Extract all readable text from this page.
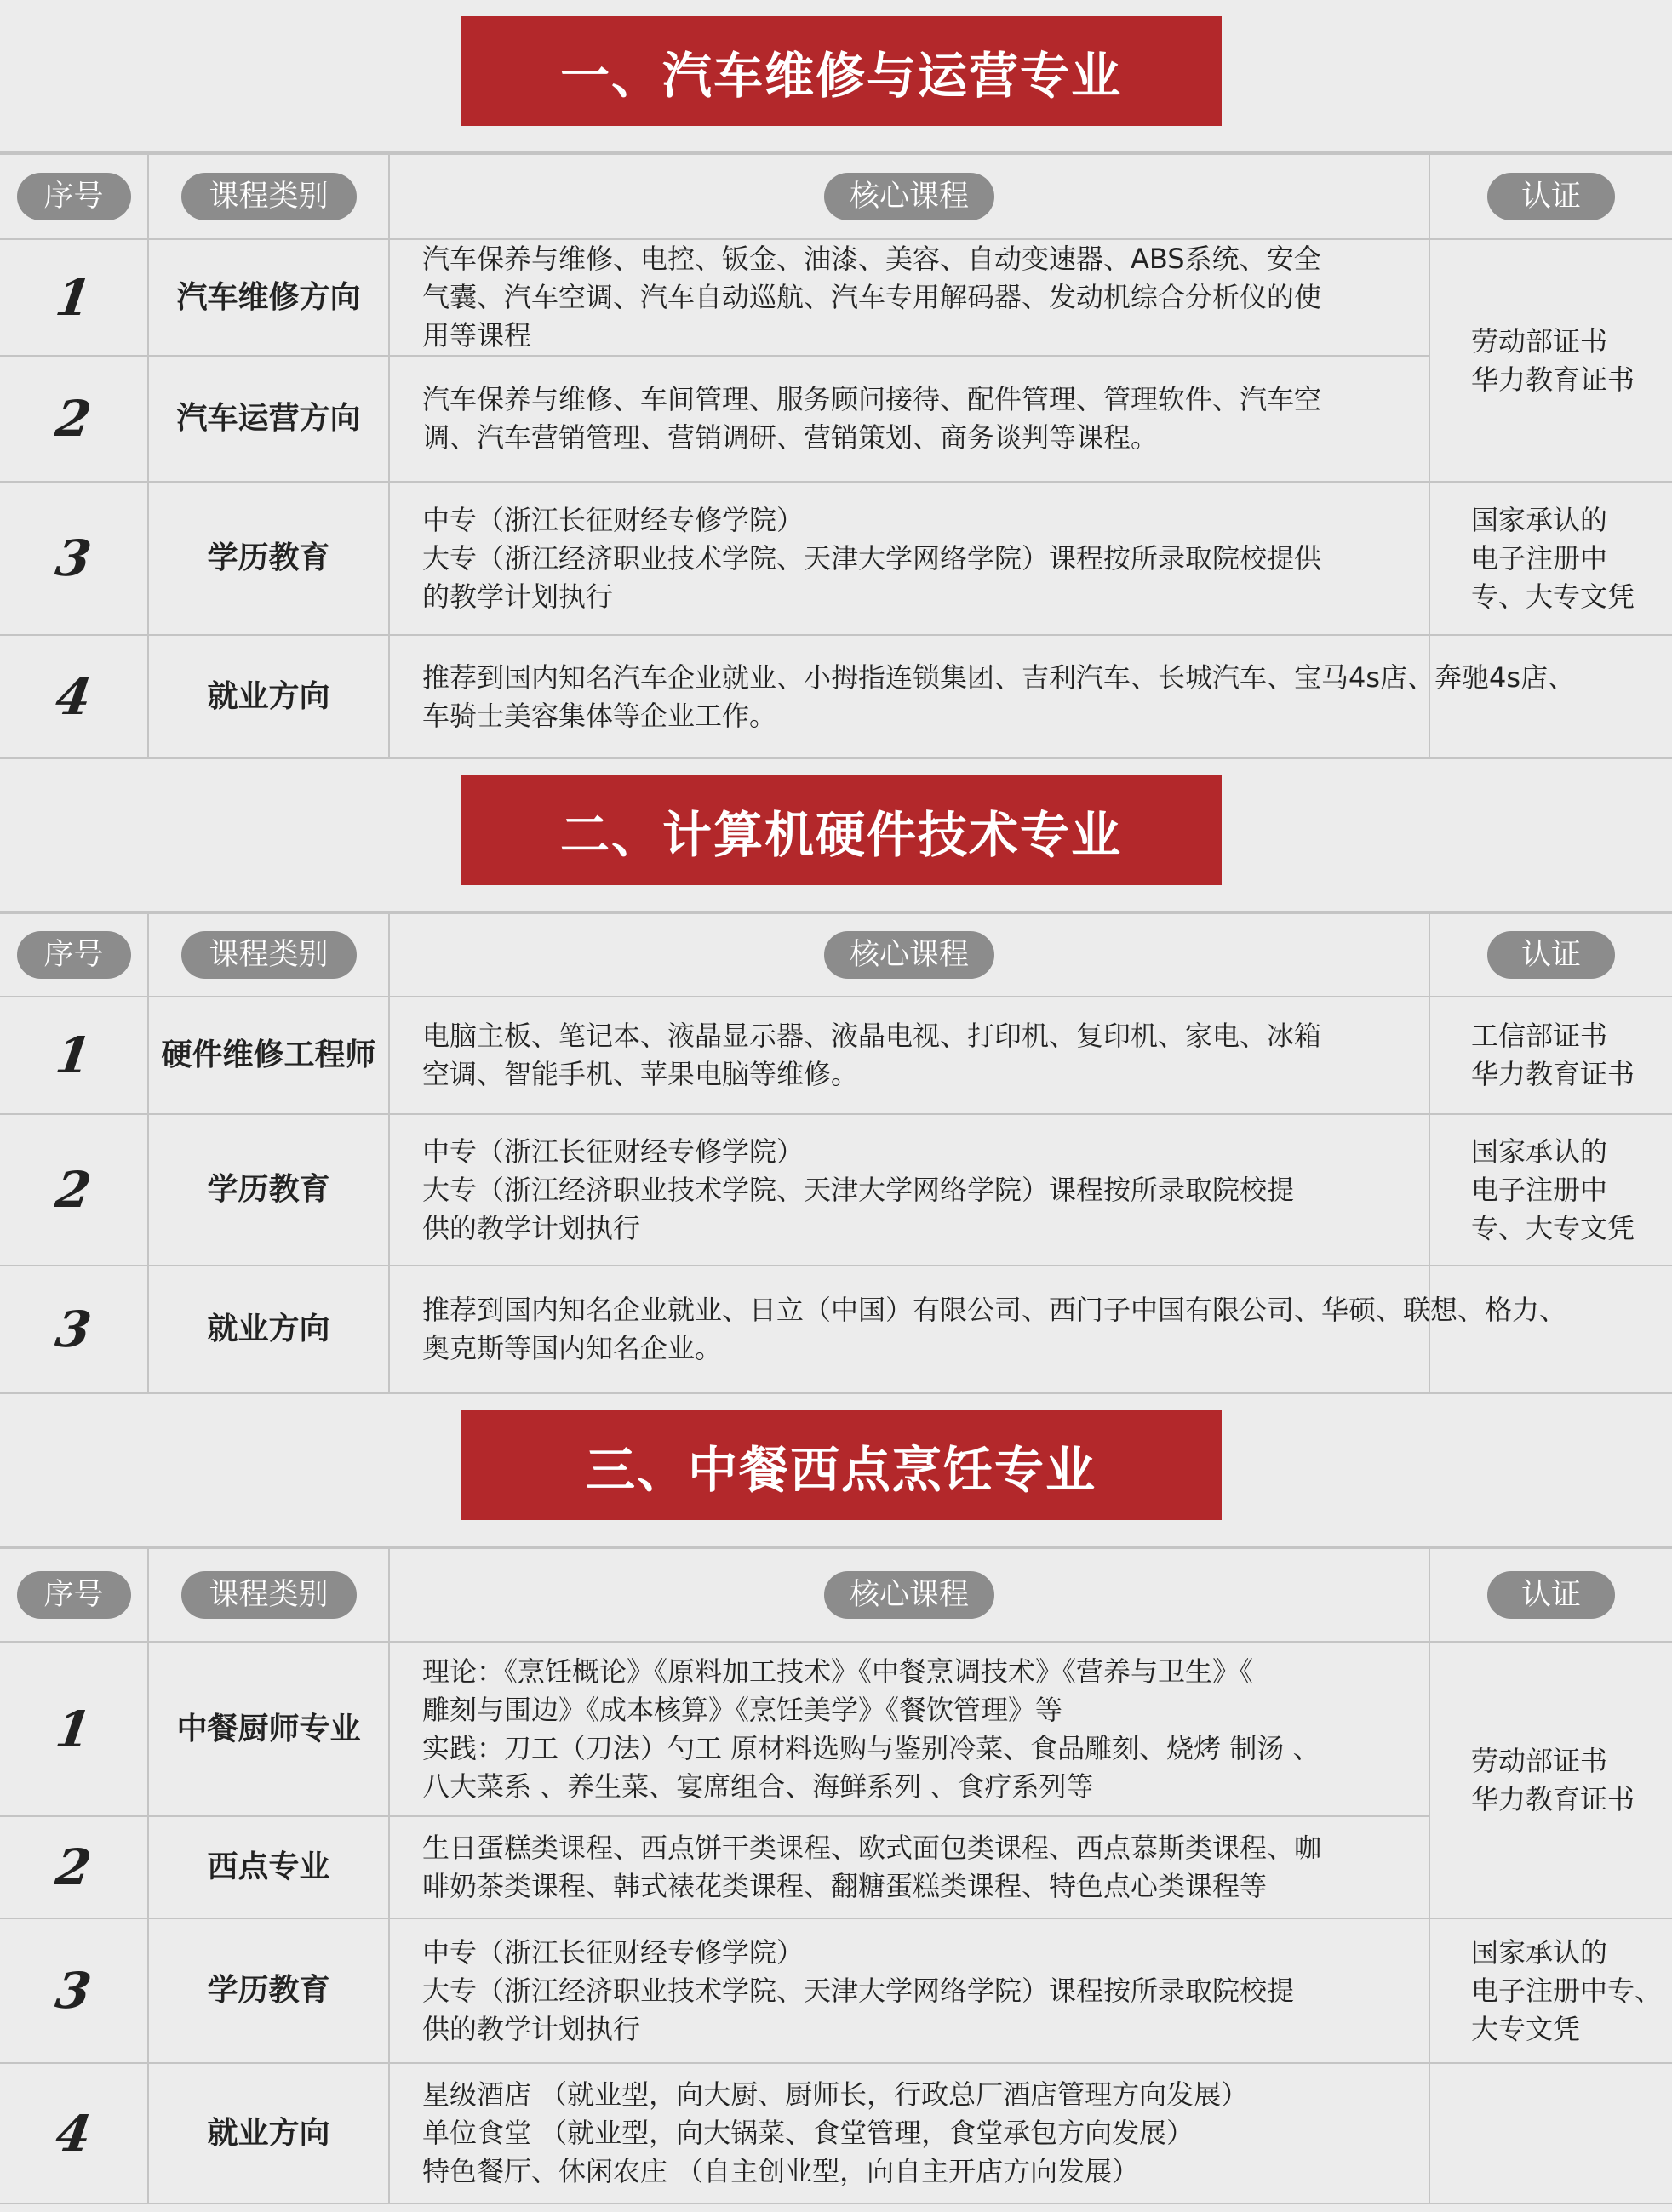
一、汽车维修与运营专业
序号	课程类别	核心课程	认证
1	汽车维修方向	汽车保养与维修、电控、钣金、油漆、美容、自动变速器、ABS系统、安全
气囊、汽车空调、汽车自动巡航、汽车专用解码器、发动机综合分析仪的使
用等课程	劳动部证书
华力教育证书

2	汽车运营方向	汽车保养与维修、车间管理、服务顾问接待、配件管理、管理软件、汽车空
调、汽车营销管理、营销调研、营销策划、商务谈判等课程。	

3	学历教育	中专（浙江长征财经专修学院）
大专（浙江经济职业技术学院、天津大学网络学院）课程按所录取院校提供
的教学计划执行	国家承认的
电子注册中
专、大专文凭

4	就业方向	推荐到国内知名汽车企业就业、小拇指连锁集团、吉利汽车、长城汽车、宝马4s店、奔驰4s店、
车骑士美容集体等企业工作。	

二、计算机硬件技术专业
序号	课程类别	核心课程	认证
1	硬件维修工程师	电脑主板、笔记本、液晶显示器、液晶电视、打印机、复印机、家电、冰箱
空调、智能手机、苹果电脑等维修。	工信部证书
华力教育证书

2	学历教育	中专（浙江长征财经专修学院）
大专（浙江经济职业技术学院、天津大学网络学院）课程按所录取院校提
供的教学计划执行	国家承认的
电子注册中
专、大专文凭

3	就业方向	推荐到国内知名企业就业、日立（中国）有限公司、西门子中国有限公司、华硕、联想、格力、
奥克斯等国内知名企业。	

三、中餐西点烹饪专业
序号	课程类别	核心课程	认证
1	中餐厨师专业	理论：《烹饪概论》《原料加工技术》《中餐烹调技术》《营养与卫生》《
雕刻与围边》《成本核算》《烹饪美学》《餐饮管理》等
实践：刀工（刀法）勺工 原材料选购与鉴别冷菜、食品雕刻、烧烤 制汤 、
八大菜系 、养生菜、宴席组合、海鲜系列 、食疗系列等	劳动部证书
华力教育证书

2	西点专业	生日蛋糕类课程、西点饼干类课程、欧式面包类课程、西点慕斯类课程、咖
啡奶茶类课程、韩式裱花类课程、翻糖蛋糕类课程、特色点心类课程等	

3	学历教育	中专（浙江长征财经专修学院）
大专（浙江经济职业技术学院、天津大学网络学院）课程按所录取院校提
供的教学计划执行	国家承认的
电子注册中专、
大专文凭

4	就业方向	星级酒店 （就业型，向大厨、厨师长，行政总厂酒店管理方向发展）
单位食堂 （就业型，向大锅菜、食堂管理，食堂承包方向发展）
特色餐厅、休闲农庄 （自主创业型，向自主开店方向发展）	
